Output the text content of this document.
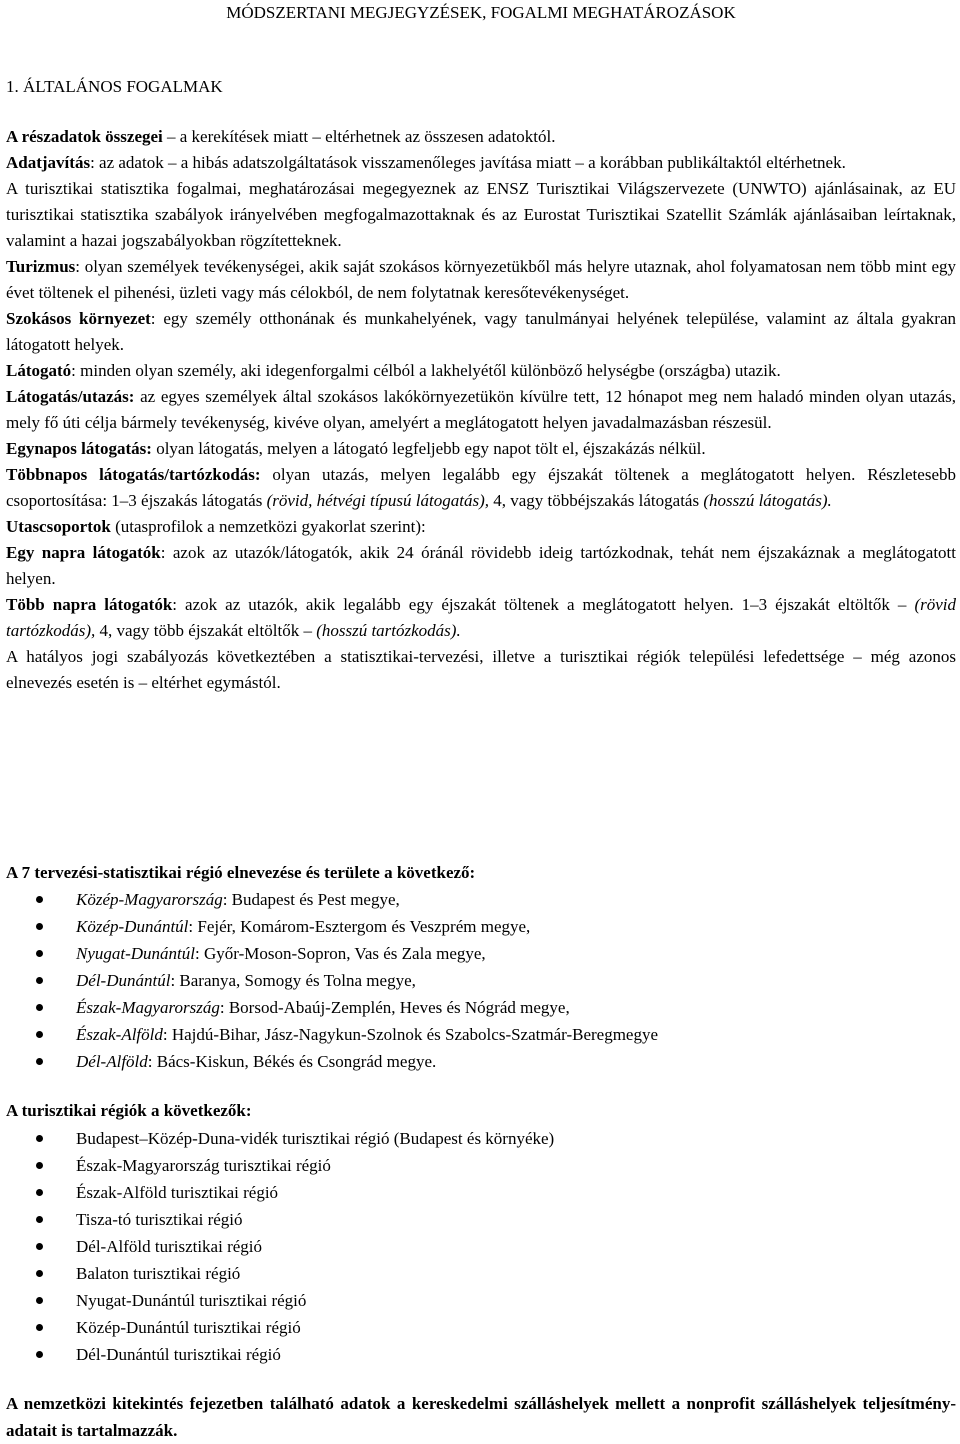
MÓDSZERTANI MEGJEGYZÉSEK, FOGALMI MEGHATÁROZÁSOK
1. ÁLTALÁNOS FOGALMAK

A részadatok összegei – a kerekítések miatt – eltérhetnek az összesen adatoktól.

Adatjavítás: az adatok – a hibás adatszolgáltatások visszamenőleges javítása miatt – a korábban publikáltaktól eltérhetnek.

A turisztikai statisztika fogalmai, meghatározásai megegyeznek az ENSZ Turisztikai Világszervezete (UNWTO) ajánlásainak, az EU turisztikai statisztika szabályok irányelvében megfogalmazottaknak és az Eurostat Turisztikai Szatellit Számlák ajánlásaiban leírtaknak, valamint a hazai jogszabályokban rögzítetteknek.

Turizmus: olyan személyek tevékenységei, akik saját szokásos környezetükből más helyre utaznak, ahol folyamatosan nem több mint egy évet töltenek el pihenési, üzleti vagy más célokból, de nem folytatnak keresőtevékenységet.

Szokásos környezet: egy személy otthonának és munkahelyének, vagy tanulmányai helyének települése, valamint az általa gyakran látogatott helyek.

Látogató: minden olyan személy, aki idegenforgalmi célból a lakhelyétől különböző helységbe (országba) utazik.

Látogatás/utazás: az egyes személyek által szokásos lakókörnyezetükön kívülre tett, 12 hónapot meg nem haladó minden olyan utazás, mely fő úti célja bármely tevékenység, kivéve olyan, amelyért a meglátogatott helyen javadalmazásban részesül.

Egynapos látogatás: olyan látogatás, melyen a látogató legfeljebb egy napot tölt el, éjszakázás nélkül.

Többnapos látogatás/tartózkodás: olyan utazás, melyen legalább egy éjszakát töltenek a meglátogatott helyen. Részletesebb csoportosítása: 1–3 éjszakás látogatás (rövid, hétvégi típusú látogatás), 4, vagy többéjszakás látogatás (hosszú látogatás).

Utascsoportok (utasprofilok a nemzetközi gyakorlat szerint):

Egy napra látogatók: azok az utazók/látogatók, akik 24 óránál rövidebb ideig tartózkodnak, tehát nem éjszakáznak a meglátogatott helyen.

Több napra látogatók: azok az utazók, akik legalább egy éjszakát töltenek a meglátogatott helyen. 1–3 éjszakát eltöltők – (rövid tartózkodás), 4, vagy több éjszakát eltöltők – (hosszú tartózkodás).

A hatályos jogi szabályozás következtében a statisztikai-tervezési, illetve a turisztikai régiók települési lefedettsége – még azonos elnevezés esetén is – eltérhet egymástól.

A 7 tervezési-statisztikai régió elnevezése és területe a következő:
Közép-Magyarország: Budapest és Pest megye,
Közép-Dunántúl: Fejér, Komárom-Esztergom és Veszprém megye,
Nyugat-Dunántúl: Győr-Moson-Sopron, Vas és Zala megye,
Dél-Dunántúl: Baranya, Somogy és Tolna megye,
Észak-Magyarország: Borsod-Abaúj-Zemplén, Heves és Nógrád megye,
Észak-Alföld: Hajdú-Bihar, Jász-Nagykun-Szolnok és Szabolcs-Szatmár-Beregmegye
Dél-Alföld: Bács-Kiskun, Békés és Csongrád megye.
A turisztikai régiók a következők:
Budapest–Közép-Duna-vidék turisztikai régió (Budapest és környéke)
Észak-Magyarország turisztikai régió
Észak-Alföld turisztikai régió
Tisza-tó turisztikai régió
Dél-Alföld turisztikai régió
Balaton turisztikai régió
Nyugat-Dunántúl turisztikai régió
Közép-Dunántúl turisztikai régió
Dél-Dunántúl turisztikai régió

A nemzetközi kitekintés fejezetben található adatok a kereskedelmi szálláshelyek mellett a nonprofit szálláshelyek teljesítmény-adatait is tartalmazzák.
